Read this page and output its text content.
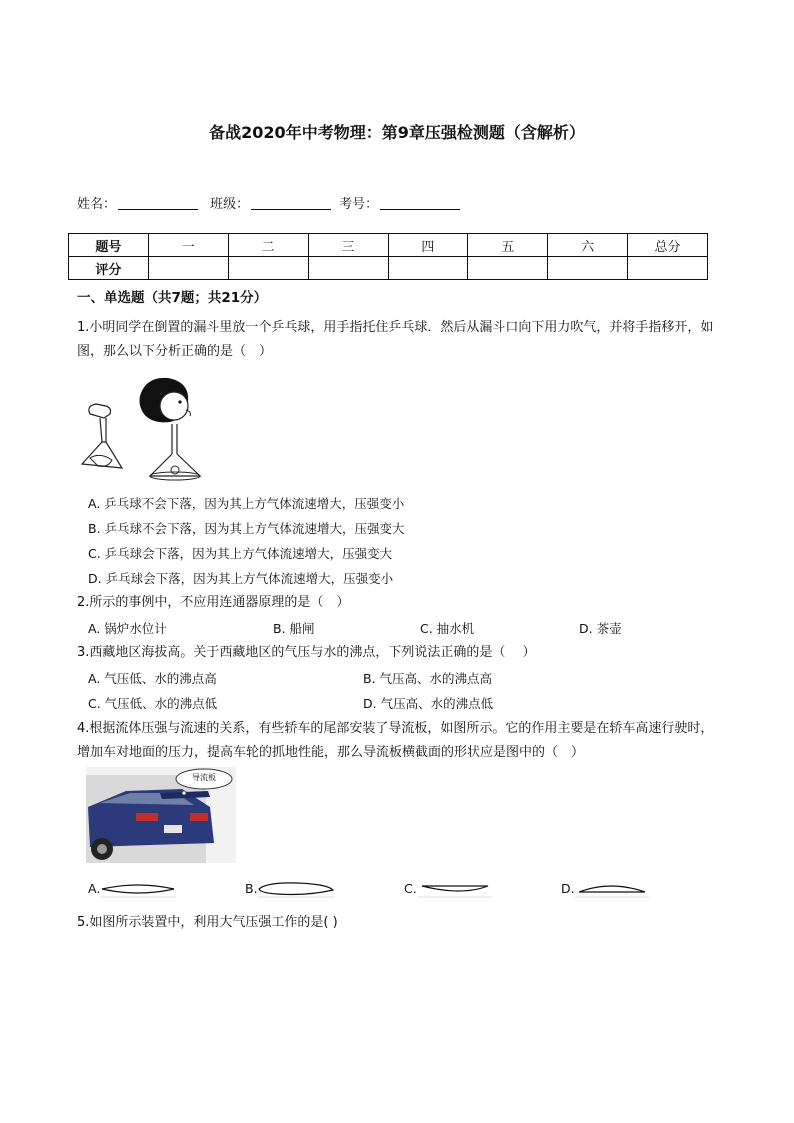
备战2020年中考物理：第9章压强检测题（含解析）
姓名：	班级：	考号：
题号	一	二	三	四	五	六	总分
评分							
一、单选题（共7题；共21分）
1.小明同学在倒置的漏斗里放一个乒乓球，用手指托住乒乓球．然后从漏斗口向下用力吹气，并将手指移开，如图，那么以下分析正确的是（　）
A. 乒乓球不会下落，因为其上方气体流速增大，压强变小
B. 乒乓球不会下落，因为其上方气体流速增大，压强变大
C. 乒乓球会下落，因为其上方气体流速增大，压强变大
D. 乒乓球会下落，因为其上方气体流速增大，压强变小
2.所示的事例中，不应用连通器原理的是（　）
A. 锅炉水位计	B. 船闸	C. 抽水机	D. 茶壶
3.西藏地区海拔高。关于西藏地区的气压与水的沸点，下列说法正确的是（　 ）
A. 气压低、水的沸点高	B. 气压高、水的沸点高
C. 气压低、水的沸点低	D. 气压高、水的沸点低
4.根据流体压强与流速的关系，有些轿车的尾部安装了导流板，如图所示。它的作用主要是在轿车高速行驶时，增加车对地面的压力，提高车轮的抓地性能，那么导流板横截面的形状应是图中的（　）
导流板
A.	B.	C.	D.
5.如图所示装置中，利用大气压强工作的是( )
